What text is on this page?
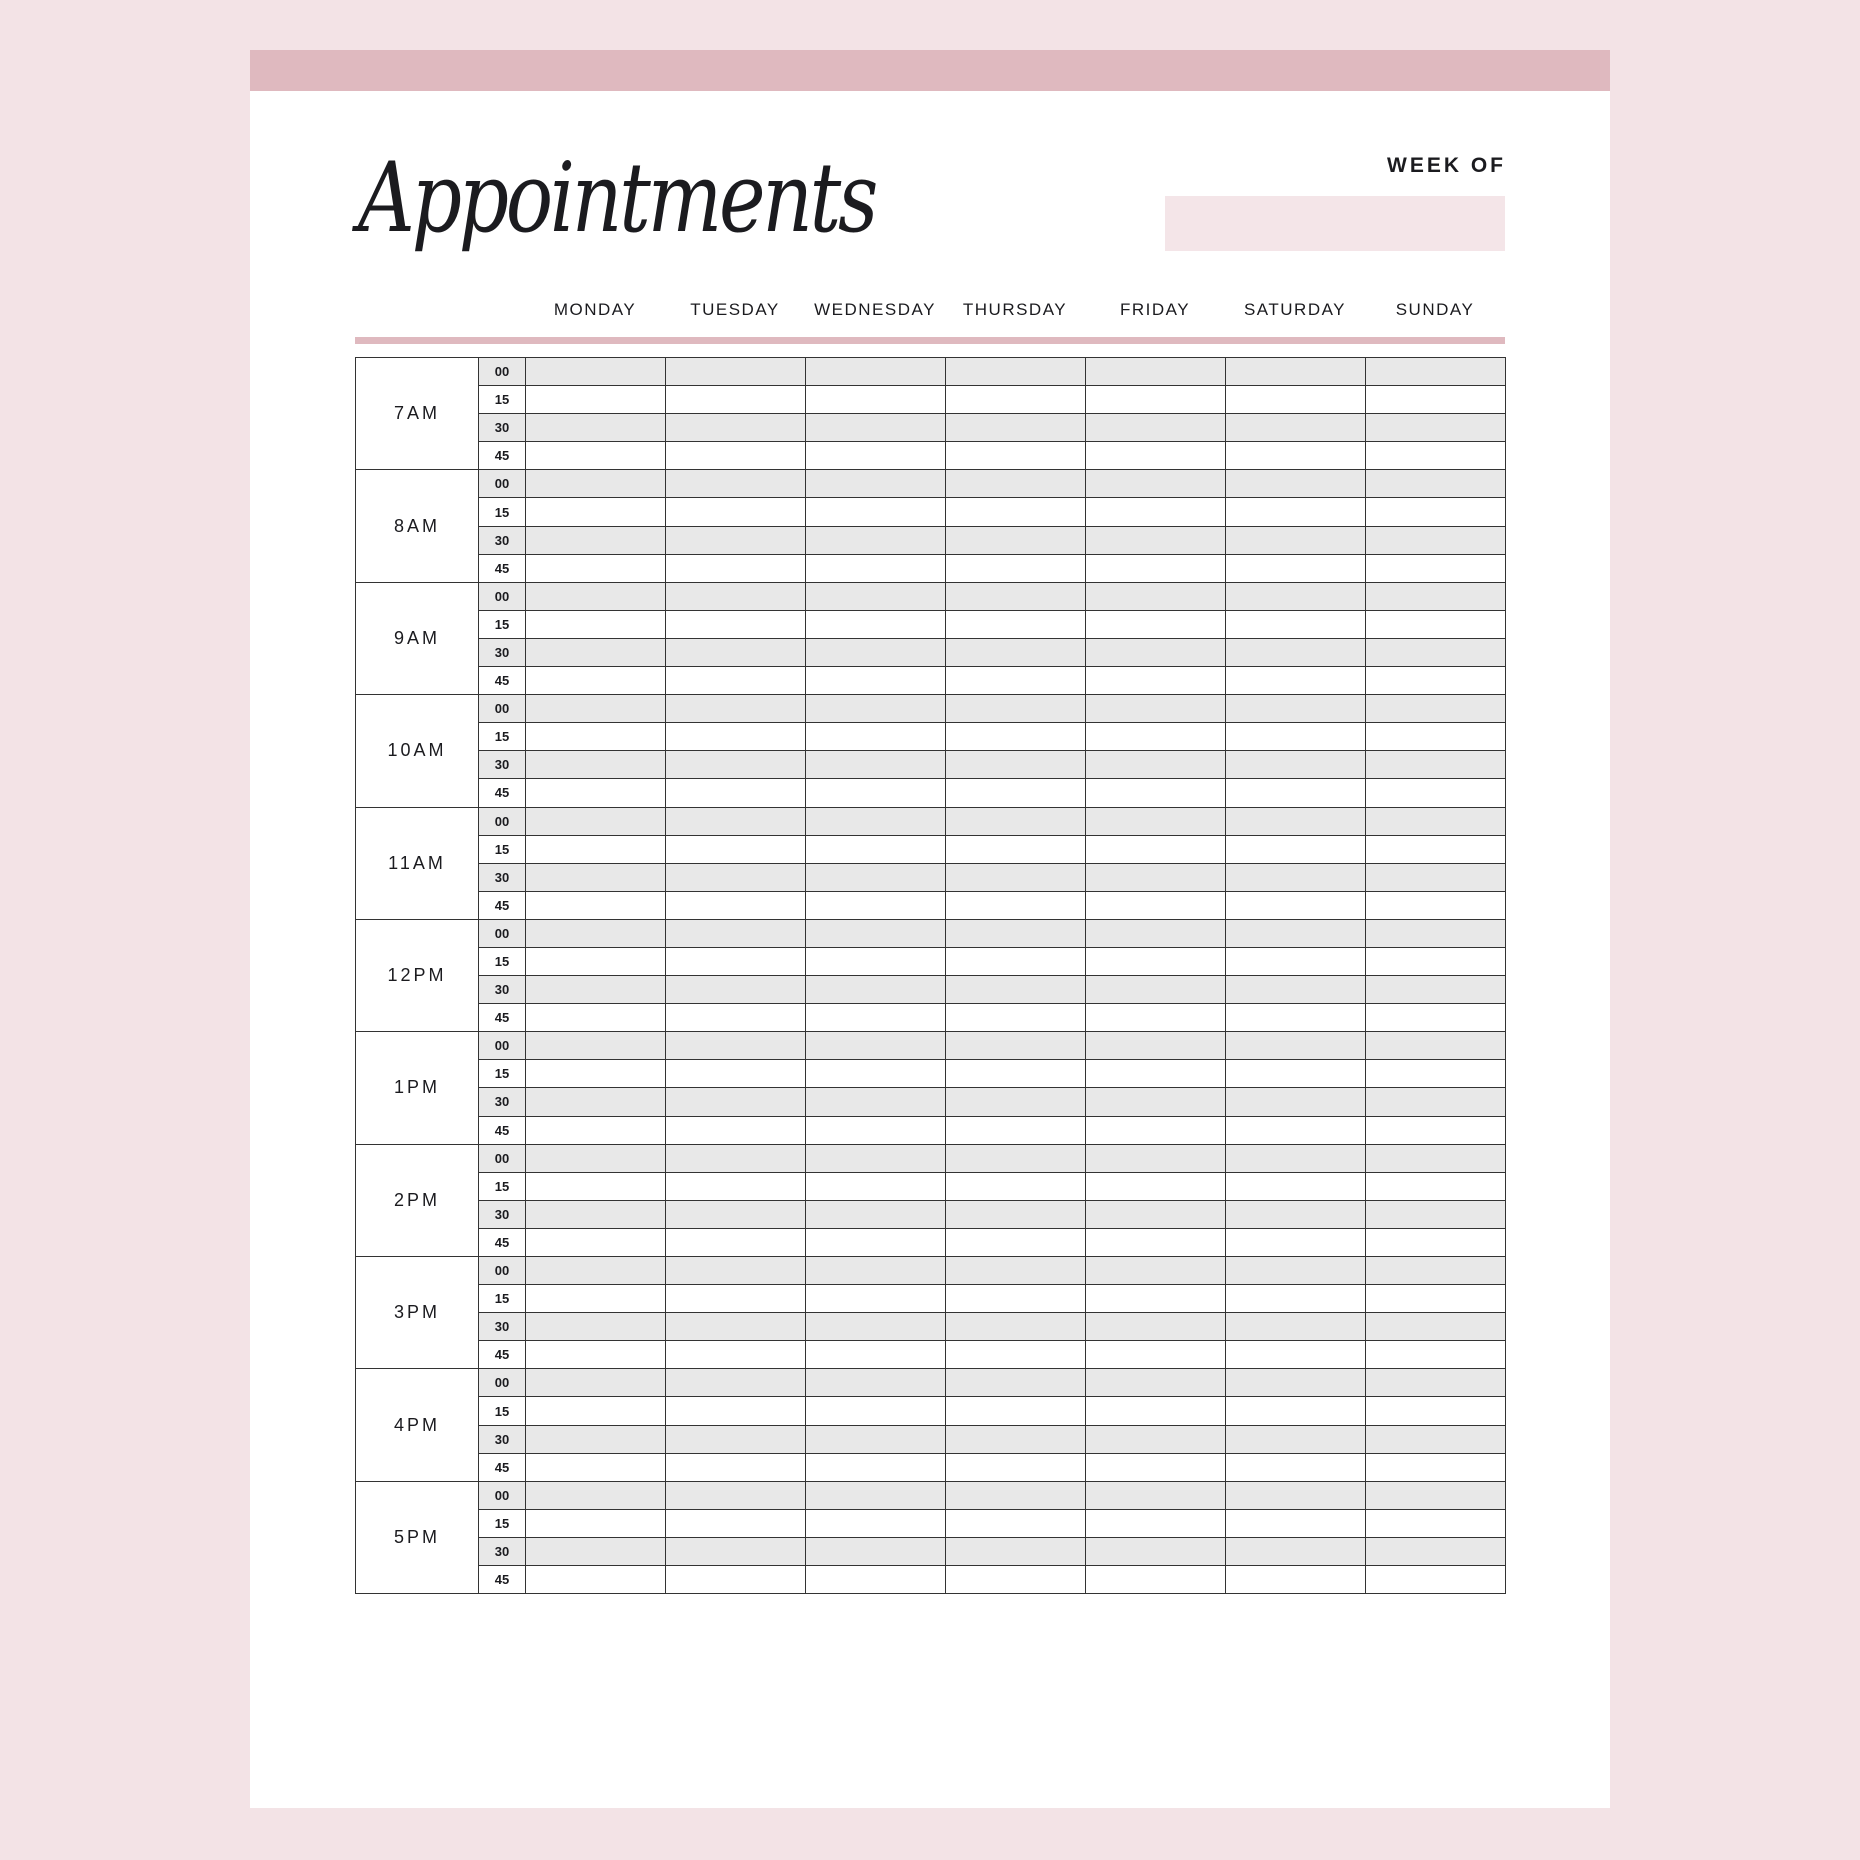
Appointments	WEEK OF
MONDAY	TUESDAY	WEDNESDAY	THURSDAY	FRIDAY	SATURDAY	SUNDAY
7AM	00							
	15							
	30							
	45							
8AM	00							
	15							
	30							
	45							
9AM	00							
	15							
	30							
	45							
10AM	00							
	15							
	30							
	45							
11AM	00							
	15							
	30							
	45							
12PM	00							
	15							
	30							
	45							
1PM	00							
	15							
	30							
	45							
2PM	00							
	15							
	30							
	45							
3PM	00							
	15							
	30							
	45							
4PM	00							
	15							
	30							
	45							
5PM	00							
	15							
	30							
	45							
